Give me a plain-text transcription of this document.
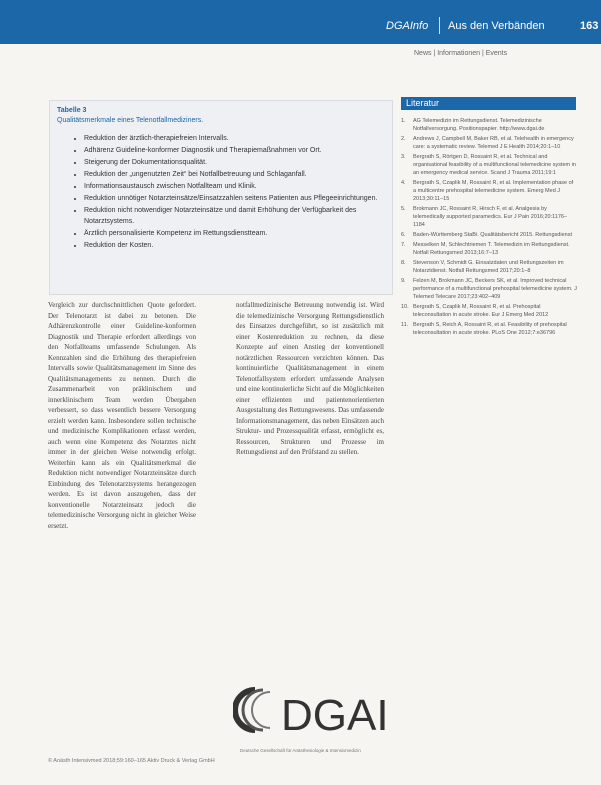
DGAInfo Aus den Verbänden	163
News | Informationen | Events
Tabelle 3
Qualitätsmerkmale eines Telenotfallmediziners.
• Reduktion der ärztlich-therapiefreien Intervalls.
• Adhärenz Guideline-konformer Diagnostik und Therapiemaßnahmen vor Ort.
• Steigerung der Dokumentationsqualität.
• Reduktion der „ungenutzten Zeit“ bei Notfallbetreuung und Schlaganfall.
• Informationsaustausch zwischen Notfallteam und Klinik.
• Reduktion unnötiger Notarzteinsätze/Einsatzzahlen seitens Patienten aus Pflegeeinrichtungen.
• Reduktion nicht notwendiger Notarzteinsätze und damit Erhöhung der Verfügbarkeit des Notarztsystems.
• Ärztlich personalisierte Kompetenz im Rettungsdienstteam.
• Reduktion der Kosten.
Vergleich zur durchschnittlichen Quote gefordert. Der Telenotarzt ist dabei zu betonen. Die Adhärenzkontrolle einer Guideline-konformen Diagnostik und Therapie erfordert allerdings von den Notfallteams umfassende Schulungen. Als Kennzahlen sind die Erhöhung des therapiefreien Intervalls sowie Qualitätsmanagement im Sinne des Qualitätsmanagements zu nennen. Durch die Zusammenarbeit von präklinischem und innerklinischem Team werden Übergaben verbessert, so dass wesentlich bessere Versorgung erzielt werden kann. Insbesondere sollen technische und medizinische Komplikationen erfasst werden, auch wenn eine Kompetenz des Notarztes nicht immer in der gleichen Weise notwendig erfolgt. Weiterhin kann als ein Qualitätsmerkmal die Reduktion nicht notwendiger Notarzteinsätze durch Einbindung des Telenotarztsystems herangezogen werden. Es ist davon auszugehen, dass der konventionelle Notarzteinsatz jedoch die telemedizinische Versorgung nicht in gleicher Weise ersetzt.
notfallmedizinische Betreuung notwendig ist. Wird die telemedizinische Versorgung Rettungsdienstlich des Einsatzes durchgeführt, so ist zusätzlich mit einer Kostenreduktion zu rechnen, da diese Konzepte auf einen Anstieg der konventionell notärztlichen Ressourcen verzichten können. Das kontinuierliche Qualitätsmanagement in einem Telenotfallsystem erfordert umfassende Analysen und eine kontinuierliche Sicht auf die Möglichkeiten einer effizienten und patientenorientierten Ausgestaltung des Rettungswesens. Das umfassende Informationsmanagement, das neben Einsätzen auch Struktur- und Prozessqualität erfasst, ermöglicht es, Ressourcen, Strukturen und Prozesse im Rettungsdienst auf den Prüfstand zu stellen.
DGAI
Deutsche Gesellschaft für Anästhesiologie & Intensivmedizin
Literatur
1. AG Telemedizin im Rettungsdienst. Telemedizinische Notfallversorgung. Positionspapier. http://www.dgai.de
2. Andrews J, Campbell M, Baker RB, et al. Telehealth in emergency care: a systematic review. Telemed J E Health 2014;20:1–10
3. Bergrath S, Rörtgen D, Rossaint R, et al. Technical and organisational feasibility of a multifunctional telemedicine system in an emergency medical service. Scand J Trauma 2011;19:1
4. Bergrath S, Czaplik M, Rossaint R, et al. Implementation phase of a multicentre prehospital telemedicine system. Emerg Med J 2013;30:11–15
5. Brokmann JC, Rossaint R, Hirsch F, et al. Analgesia by telemedically supported paramedics. Eur J Pain 2016;20:1176–1184
6. Baden-Württemberg StaBi. Qualitätsbericht 2015. Rettungsdienst
7. Messelken M, Schlechtriemen T. Telemedizin im Rettungsdienst. Notfall Rettungsmed 2013;16:7–13
8. Stevenson V, Schmidt G. Einsatzdaten und Rettungszeiten im Notarztdienst. Notfall Rettungsmed 2017;20:1–8
9. Felzen M, Brokmann JC, Beckers SK, et al. Improved technical performance of a multifunctional prehospital telemedicine system. J Telemed Telecare 2017;23:402–409
10. Bergrath S, Czaplik M, Rossaint R, et al. Prehospital teleconsultation in acute stroke. Eur J Emerg Med 2012
11. Bergrath S, Reich A, Rossaint R, et al. Feasibility of prehospital teleconsultation in acute stroke. PLoS One 2012;7:e36796
© Anästh Intensivmed 2018;59:160–165 Aktiv Druck & Verlag GmbH
